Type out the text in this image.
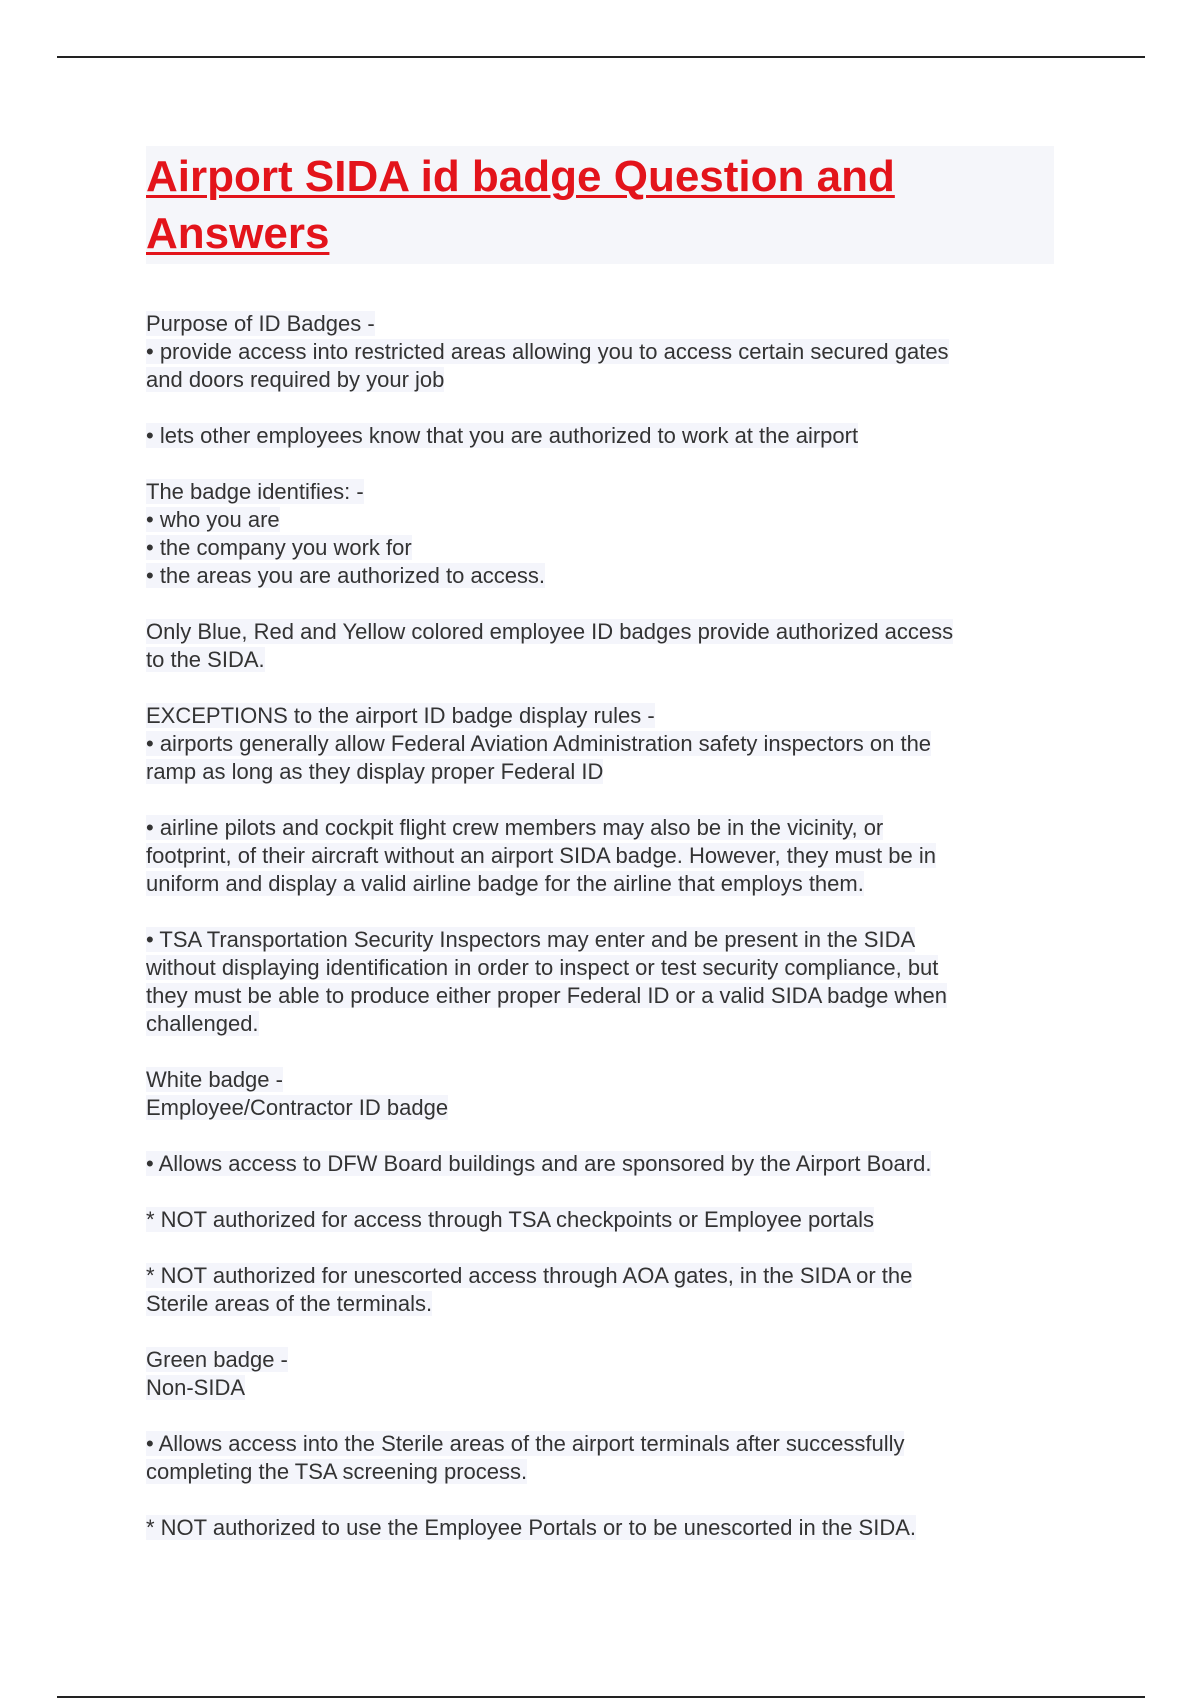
Airport SIDA id badge Question and
Answers
Purpose of ID Badges -
• provide access into restricted areas allowing you to access certain secured gates
and doors required by your job
• lets other employees know that you are authorized to work at the airport
The badge identifies: -
• who you are
• the company you work for
• the areas you are authorized to access.
Only Blue, Red and Yellow colored employee ID badges provide authorized access
to the SIDA.
EXCEPTIONS to the airport ID badge display rules -
• airports generally allow Federal Aviation Administration safety inspectors on the
ramp as long as they display proper Federal ID
• airline pilots and cockpit flight crew members may also be in the vicinity, or
footprint, of their aircraft without an airport SIDA badge. However, they must be in
uniform and display a valid airline badge for the airline that employs them.
• TSA Transportation Security Inspectors may enter and be present in the SIDA
without displaying identification in order to inspect or test security compliance, but
they must be able to produce either proper Federal ID or a valid SIDA badge when
challenged.
White badge -
Employee/Contractor ID badge
• Allows access to DFW Board buildings and are sponsored by the Airport Board.
* NOT authorized for access through TSA checkpoints or Employee portals
* NOT authorized for unescorted access through AOA gates, in the SIDA or the
Sterile areas of the terminals.
Green badge -
Non-SIDA
• Allows access into the Sterile areas of the airport terminals after successfully
completing the TSA screening process.
* NOT authorized to use the Employee Portals or to be unescorted in the SIDA.
